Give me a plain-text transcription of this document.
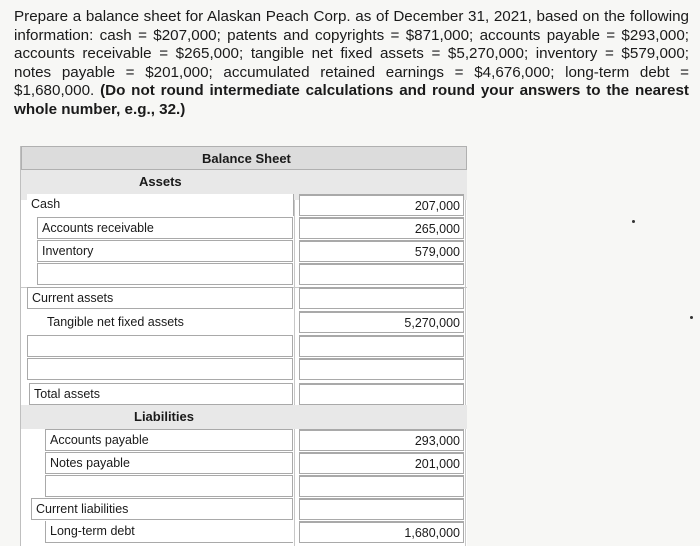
Prepare a balance sheet for Alaskan Peach Corp. as of December 31, 2021, based on the following information: cash = $207,000; patents and copyrights = $871,000; accounts payable = $293,000; accounts receivable = $265,000; tangible net fixed assets = $5,270,000; inventory = $579,000; notes payable = $201,000; accumulated retained earnings = $4,676,000; long-term debt = $1,680,000. (Do not round intermediate calculations and round your answers to the nearest whole number, e.g., 32.)
Balance Sheet
Assets
Cash	207,000
Accounts receivable	265,000
Inventory	579,000
Current assets
Tangible net fixed assets	5,270,000
Total assets
Liabilities
Accounts payable	293,000
Notes payable	201,000
Current liabilities
Long-term debt	1,680,000
